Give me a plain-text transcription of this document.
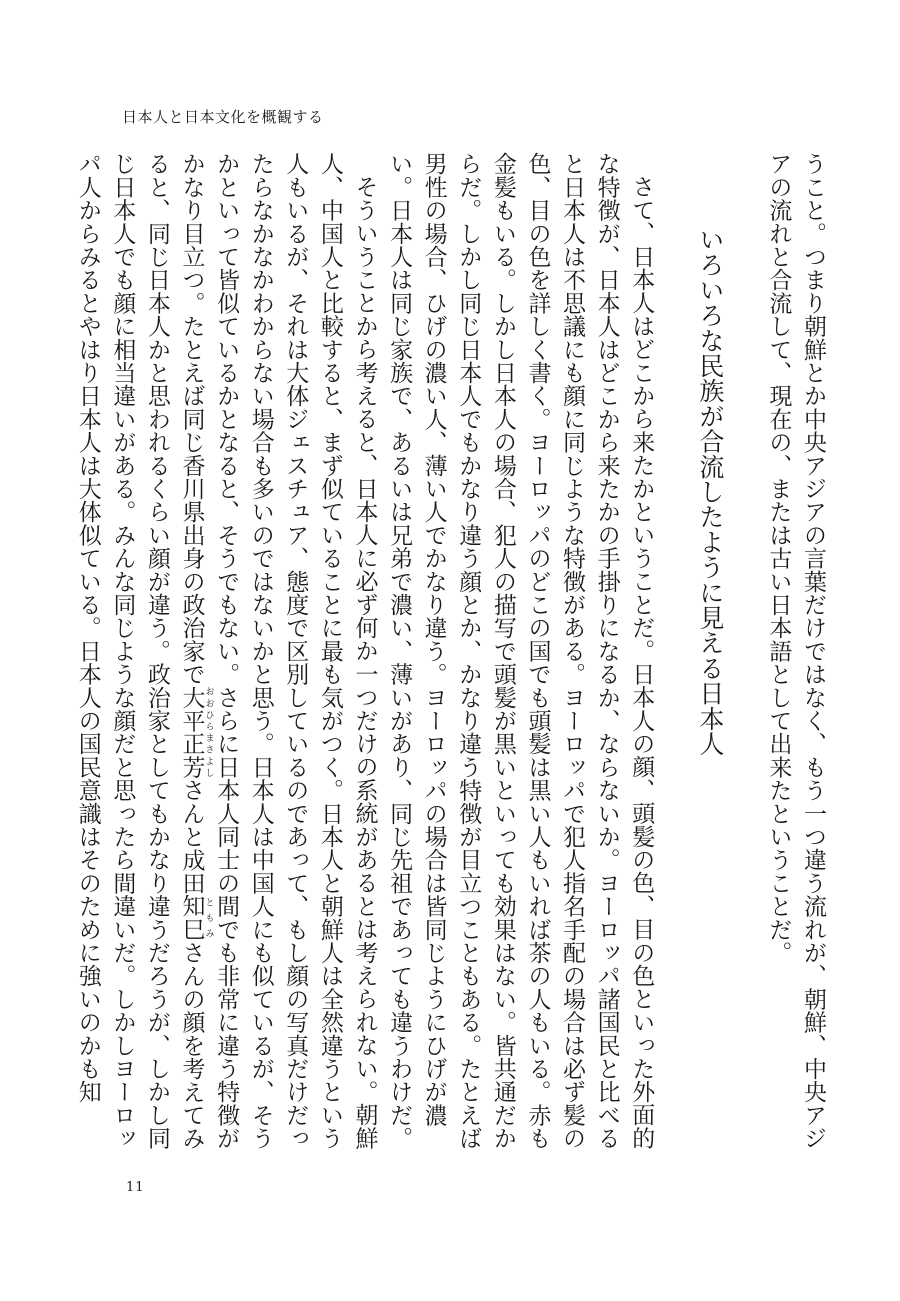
日本人と日本文化を概観する

うこと。つまり朝鮮とか中央アジアの言葉だけではなく、もう一つ違う流れが、朝鮮、中央アジアの流れと合流して、現在の、または古い日本語として出来たということだ。

いろいろな民族が合流したように見える日本人

さて、日本人はどこから来たかということだ。日本人の顔、頭髪の色、目の色といった外面的な特徴が、日本人はどこから来たかの手掛りになるか、ならないか。ヨーロッパ諸国民と比べると日本人は不思議にも顔に同じような特徴がある。ヨーロッパで犯人指名手配の場合は必ず髪の色、目の色を詳しく書く。ヨーロッパのどこの国でも頭髪は黒い人もいれば茶の人もいる。赤も金髪もいる。しかし日本人の場合、犯人の描写で頭髪が黒いといっても効果はない。皆共通だからだ。しかし同じ日本人でもかなり違う顔とか、かなり違う特徴が目立つこともある。たとえば男性の場合、ひげの濃い人、薄い人でかなり違う。ヨーロッパの場合は皆同じようにひげが濃い。日本人は同じ家族で、あるいは兄弟で濃い、薄いがあり、同じ先祖であっても違うわけだ。

そういうことから考えると、日本人に必ず何か一つだけの系統があるとは考えられない。朝鮮人、中国人と比較すると、まず似ていることに最も気がつく。日本人と朝鮮人は全然違うという人もいるが、それは大体ジェスチュア、態度で区別しているのであって、もし顔の写真だけだったらなかなかわからない場合も多いのではないかと思う。日本人は中国人にも似ているが、そうかといって皆似ているかとなると、そうでもない。さらに日本人同士の間でも非常に違う特徴がかなり目立つ。たとえば同じ香川県出身の政治家で大平 おおひら正芳 まさよしさんと成田知巳 ともみさんの顔を考えてみると、同じ日本人かと思われるくらい顔が違う。政治家としてもかなり違うだろうが、しかし同じ日本人でも顔に相当違いがある。みんな同じような顔だと思ったら間違いだ。しかしヨーロッパ人からみるとやはり日本人は大体似ている。日本人の国民意識はそのために強いのかも知

11
